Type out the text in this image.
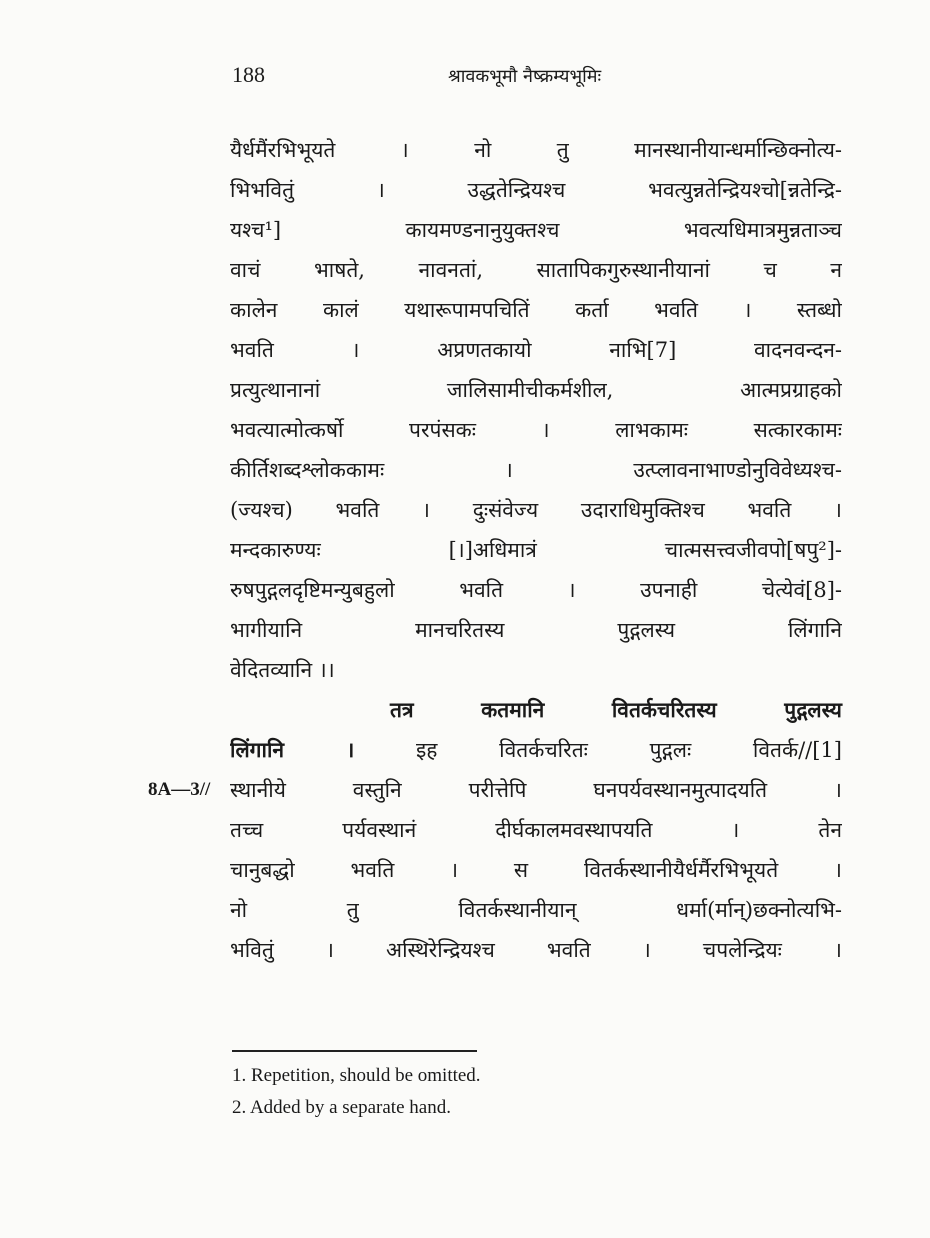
188	श्रावकभूमौ नैष्क्रम्यभूमिः
यैर्धमैंरभिभूयते । नो तु मानस्थानीयान्धर्मान्छिक्नोत्य-
भिभवितुं । उद्धतेन्द्रियश्च भवत्युन्नतेन्द्रियश्चो[न्नतेन्द्रि-
यश्च¹] कायमण्डनानुयुक्तश्च भवत्यधिमात्रमुन्नताञ्च
वाचं भाषते, नावनतां, सातापिकगुरुस्थानीयानां च न
कालेन कालं यथारूपामपचितिं कर्ता भवति । स्तब्धो
भवति । अप्रणतकायो नाभि[7] वादनवन्दन-
प्रत्युत्थानानां जालिसामीचीकर्मशील, आत्मप्रग्राहको
भवत्यात्मोत्कर्षो परपंसकः । लाभकामः सत्कारकामः
कीर्तिशब्दश्लोककामः । उत्प्लावनाभाण्डोनुविवेध्यश्च-
(ज्यश्च) भवति । दुःसंवेज्य उदाराधिमुक्तिश्च भवति ।
मन्दकारुण्यः [।]अधिमात्रं चात्मसत्त्वजीवपो[षपु²]-
रुषपुद्गलदृष्टिमन्युबहुलो भवति । उपनाही चेत्येवं[8]-
भागीयानि मानचरितस्य पुद्गलस्य लिंगानि
वेदितव्यानि ।।
तत्र कतमानि वितर्कचरितस्य पुद्गलस्य
लिंगानि । इह वितर्कचरितः पुद्गलः वितर्क//[1]
स्थानीये वस्तुनि परीत्तेपि घनपर्यवस्थानमुत्पादयति ।
तच्च पर्यवस्थानं दीर्घकालमवस्थापयति । तेन
चानुबद्धो भवति । स वितर्कस्थानीयैर्धर्मैरभिभूयते ।
नो तु वितर्कस्थानीयान् धर्मा(र्मान्)छक्नोत्यभि-
भवितुं । अस्थिरेन्द्रियश्च भवति । चपलेन्द्रियः ।
8A—3//
1. Repetition, should be omitted.
2. Added by a separate hand.
